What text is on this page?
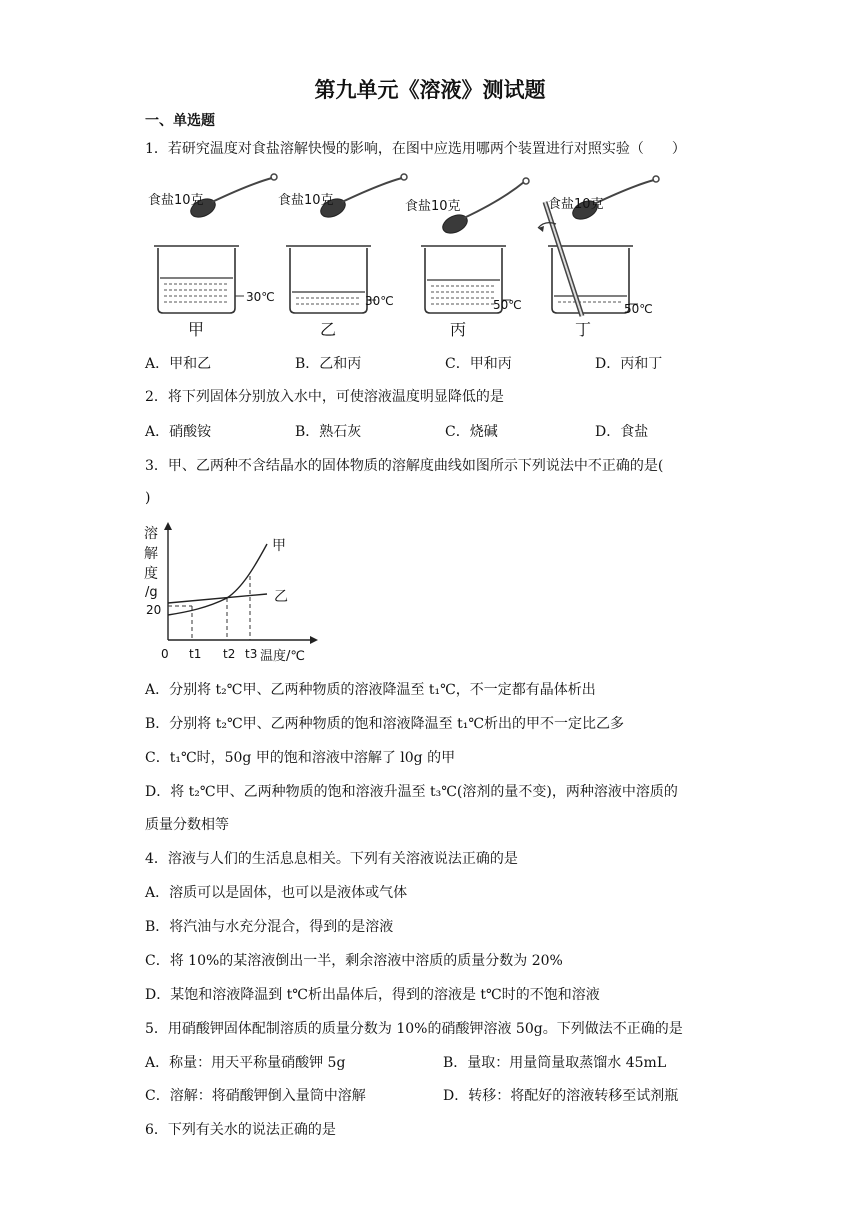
第九单元《溶液》测试题
一、单选题
1．若研究温度对食盐溶解快慢的影响，在图中应选用哪两个装置进行对照实验（　　）
食盐10克
30℃
甲
食盐10克
30℃
乙
食盐10克
50℃
丙
食盐10克
50℃
丁
A．甲和乙	B．乙和丙	C．甲和丙	D．丙和丁
2．将下列固体分别放入水中，可使溶液温度明显降低的是
A．硝酸铵	B．熟石灰	C．烧碱	D．食盐
3．甲、乙两种不含结晶水的固体物质的溶解度曲线如图所示下列说法中不正确的是(
)
溶
解
度
/g
20
0 t1 t2 t3 温度/℃
甲
乙
A．分别将 t₂℃甲、乙两种物质的溶液降温至 t₁℃，不一定都有晶体析出
B．分别将 t₂℃甲、乙两种物质的饱和溶液降温至 t₁℃析出的甲不一定比乙多
C．t₁℃时，50g 甲的饱和溶液中溶解了 l0g 的甲
D．将 t₂℃甲、乙两种物质的饱和溶液升温至 t₃℃(溶剂的量不变)，两种溶液中溶质的
质量分数相等
4．溶液与人们的生活息息相关。下列有关溶液说法正确的是
A．溶质可以是固体，也可以是液体或气体
B．将汽油与水充分混合，得到的是溶液
C．将 10%的某溶液倒出一半，剩余溶液中溶质的质量分数为 20%
D．某饱和溶液降温到 t℃析出晶体后，得到的溶液是 t℃时的不饱和溶液
5．用硝酸钾固体配制溶质的质量分数为 10%的硝酸钾溶液 50g。下列做法不正确的是
A．称量：用天平称量硝酸钾 5g	B．量取：用量筒量取蒸馏水 45mL
C．溶解：将硝酸钾倒入量筒中溶解	D．转移：将配好的溶液转移至试剂瓶
6．下列有关水的说法正确的是
